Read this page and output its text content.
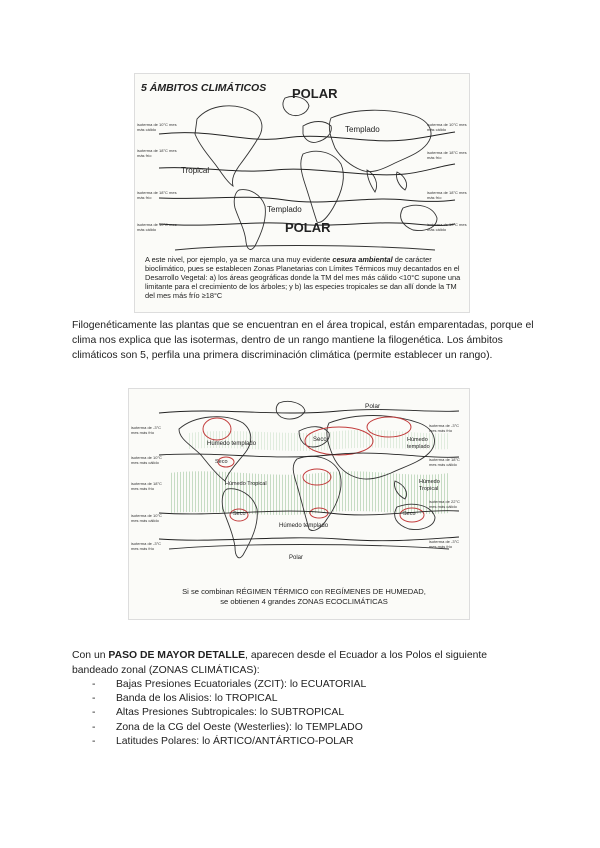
5 ÁMBITOS CLIMÁTICOS POLAR
Templado
Tropical
Templado
POLAR
isoterma de 10°C mes más cálido
isoterma de 18°C mes más frío
isoterma de 18°C mes más frío
isoterma de 10°C mes más cálido
isoterma de 10°C mes más cálido
isoterma de 18°C mes más frío
isoterma de 18°C mes más frío
isoterma de 10°C mes más cálido
A este nivel, por ejemplo, ya se marca una muy evidente cesura ambiental de carácter bioclimático, pues se establecen Zonas Planetarias con Límites Térmicos muy decantados en el Desarrollo Vegetal: a) los áreas geográficas donde la TM del mes más cálido <10°C supone una limitante para el crecimiento de los árboles; y b) las especies tropicales se dan allí donde la TM del mes más frío ≥18°C
Filogenéticamente las plantas que se encuentran en el área tropical, están emparentadas, porque el clima nos explica que las isotermas, dentro de un rango mantiene la filogenética. Los ámbitos climáticos son 5, perfila una primera discriminación climática (permite establecer un rango).
Polar
Húmedo templado
Seco	Húmedo templado
Seco
Húmedo Tropical	Húmedo Tropical
Seco	Seco
Húmedo templado
Polar
isoterma de -3°C mes más frío
isoterma de 10°C mes más cálido
isoterma de 18°C mes más frío
isoterma de 10°C mes más cálido
isoterma de -3°C mes más frío
isoterma de -3°C mes más frío
isoterma de 18°C mes más cálido
isoterma de 22°C mes más cálido
isoterma de -3°C mes más frío
Si se combinan RÉGIMEN TÉRMICO con REGÍMENES DE HUMEDAD,
se obtienen 4 grandes ZONAS ECOCLIMÁTICAS
Con un PASO DE MAYOR DETALLE, aparecen desde el Ecuador a los Polos el siguiente bandeado zonal (ZONAS CLIMÁTICAS):
- Bajas Presiones Ecuatoriales (ZCIT): lo ECUATORIAL
- Banda de los Alisios: lo TROPICAL
- Altas Presiones Subtropicales: lo SUBTROPICAL
- Zona de la CG del Oeste (Westerlies): lo TEMPLADO
- Latitudes Polares: lo ÁRTICO/ANTÁRTICO-POLAR
